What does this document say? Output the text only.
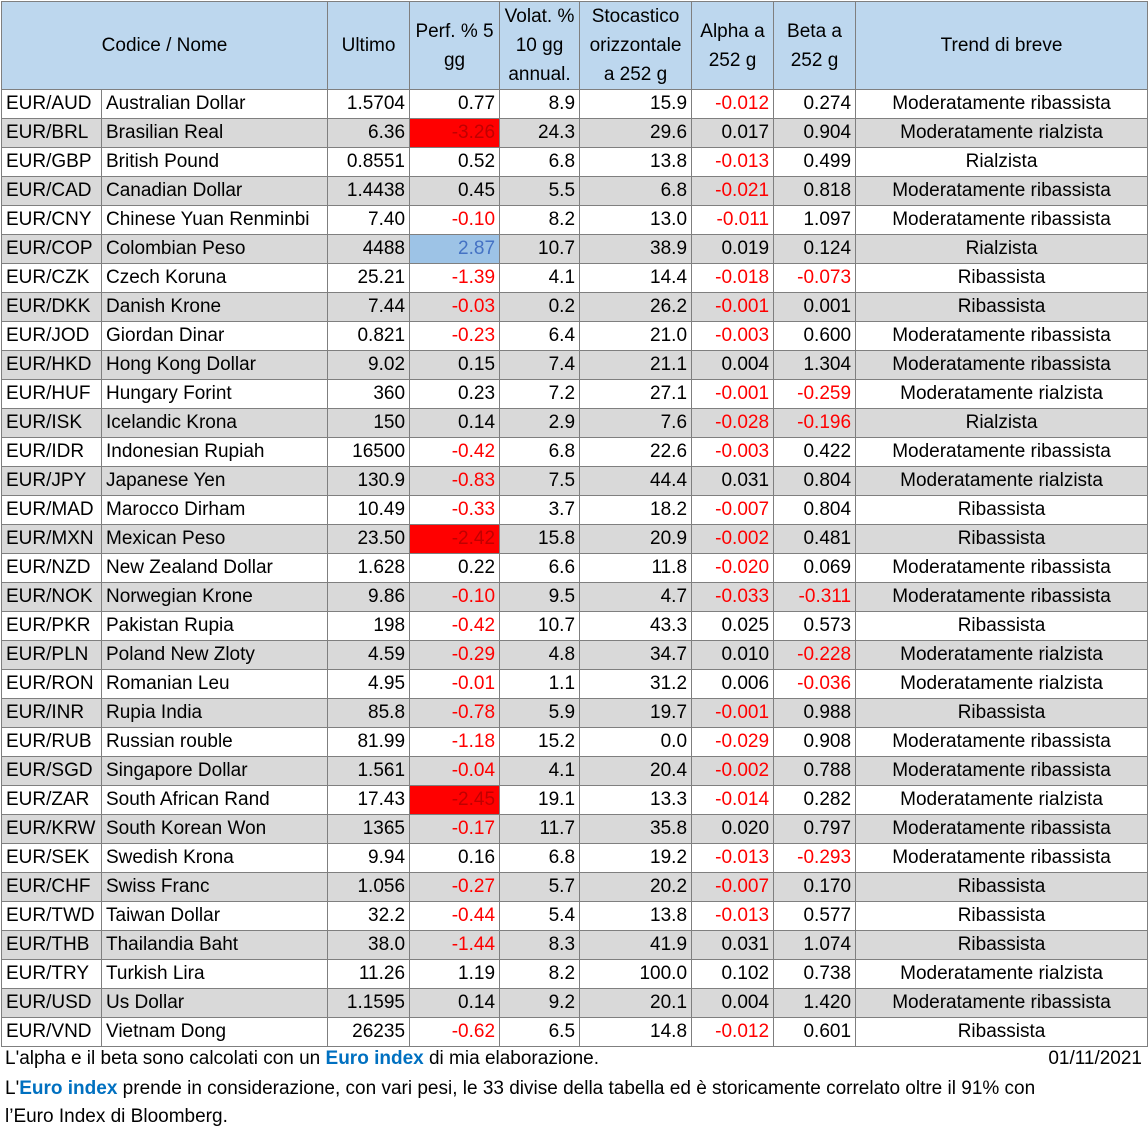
Codice / Nome		Ultimo	Perf. % 5 gg	Volat. % 10 gg annual.	Stocastico orizzontale a 252 g	Alpha a 252 g	Beta a 252 g	Trend di breve
EUR/AUD	Australian Dollar	1.5704	0.77	8.9	15.9	-0.012	0.274	Moderatamente ribassista
EUR/BRL	Brasilian Real	6.36	-3.26	24.3	29.6	0.017	0.904	Moderatamente rialzista
EUR/GBP	British Pound	0.8551	0.52	6.8	13.8	-0.013	0.499	Rialzista
EUR/CAD	Canadian Dollar	1.4438	0.45	5.5	6.8	-0.021	0.818	Moderatamente ribassista
EUR/CNY	Chinese Yuan Renminbi	7.40	-0.10	8.2	13.0	-0.011	1.097	Moderatamente ribassista
EUR/COP	Colombian Peso	4488	2.87	10.7	38.9	0.019	0.124	Rialzista
EUR/CZK	Czech Koruna	25.21	-1.39	4.1	14.4	-0.018	-0.073	Ribassista
EUR/DKK	Danish Krone	7.44	-0.03	0.2	26.2	-0.001	0.001	Ribassista
EUR/JOD	Giordan Dinar	0.821	-0.23	6.4	21.0	-0.003	0.600	Moderatamente ribassista
EUR/HKD	Hong Kong Dollar	9.02	0.15	7.4	21.1	0.004	1.304	Moderatamente ribassista
EUR/HUF	Hungary Forint	360	0.23	7.2	27.1	-0.001	-0.259	Moderatamente rialzista
EUR/ISK	Icelandic Krona	150	0.14	2.9	7.6	-0.028	-0.196	Rialzista
EUR/IDR	Indonesian Rupiah	16500	-0.42	6.8	22.6	-0.003	0.422	Moderatamente ribassista
EUR/JPY	Japanese Yen	130.9	-0.83	7.5	44.4	0.031	0.804	Moderatamente rialzista
EUR/MAD	Marocco Dirham	10.49	-0.33	3.7	18.2	-0.007	0.804	Ribassista
EUR/MXN	Mexican Peso	23.50	-2.42	15.8	20.9	-0.002	0.481	Ribassista
EUR/NZD	New Zealand Dollar	1.628	0.22	6.6	11.8	-0.020	0.069	Moderatamente ribassista
EUR/NOK	Norwegian Krone	9.86	-0.10	9.5	4.7	-0.033	-0.311	Moderatamente ribassista
EUR/PKR	Pakistan Rupia	198	-0.42	10.7	43.3	0.025	0.573	Ribassista
EUR/PLN	Poland New Zloty	4.59	-0.29	4.8	34.7	0.010	-0.228	Moderatamente rialzista
EUR/RON	Romanian Leu	4.95	-0.01	1.1	31.2	0.006	-0.036	Moderatamente rialzista
EUR/INR	Rupia India	85.8	-0.78	5.9	19.7	-0.001	0.988	Ribassista
EUR/RUB	Russian rouble	81.99	-1.18	15.2	0.0	-0.029	0.908	Moderatamente ribassista
EUR/SGD	Singapore Dollar	1.561	-0.04	4.1	20.4	-0.002	0.788	Moderatamente ribassista
EUR/ZAR	South African Rand	17.43	-2.45	19.1	13.3	-0.014	0.282	Moderatamente rialzista
EUR/KRW	South Korean Won	1365	-0.17	11.7	35.8	0.020	0.797	Moderatamente ribassista
EUR/SEK	Swedish Krona	9.94	0.16	6.8	19.2	-0.013	-0.293	Moderatamente ribassista
EUR/CHF	Swiss Franc	1.056	-0.27	5.7	20.2	-0.007	0.170	Ribassista
EUR/TWD	Taiwan Dollar	32.2	-0.44	5.4	13.8	-0.013	0.577	Ribassista
EUR/THB	Thailandia Baht	38.0	-1.44	8.3	41.9	0.031	1.074	Ribassista
EUR/TRY	Turkish Lira	11.26	1.19	8.2	100.0	0.102	0.738	Moderatamente rialzista
EUR/USD	Us Dollar	1.1595	0.14	9.2	20.1	0.004	1.420	Moderatamente ribassista
EUR/VND	Vietnam Dong	26235	-0.62	6.5	14.8	-0.012	0.601	Ribassista
L'alpha e il beta sono calcolati con un Euro index di mia elaborazione.	01/11/2021
L'Euro index prende in considerazione, con vari pesi, le 33 divise della tabella ed è storicamente correlato oltre il 91% con
l’Euro Index di Bloomberg.
